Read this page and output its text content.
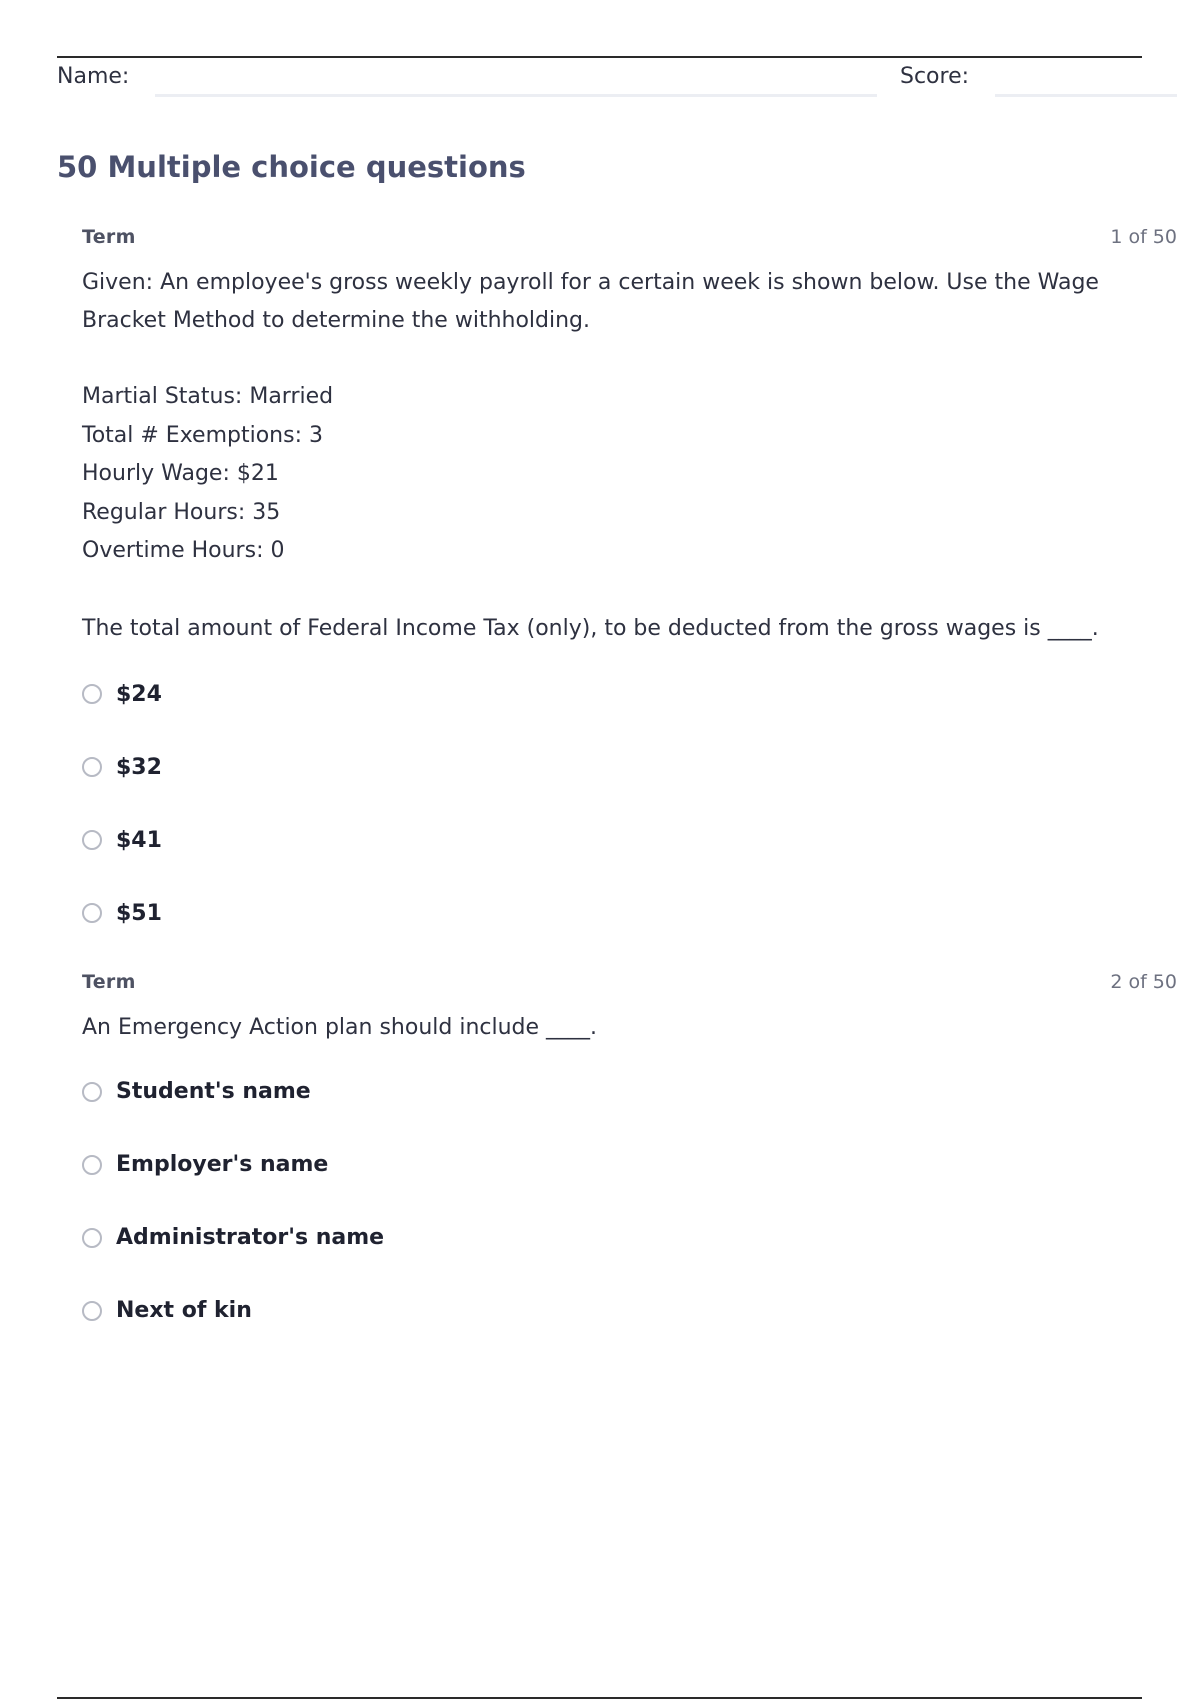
Name:	Score:
50 Multiple choice questions
Term	1 of 50

Given: An employee's gross weekly payroll for a certain week is shown below. Use the Wage Bracket Method to determine the withholding.

Martial Status: Married
Total # Exemptions: 3
Hourly Wage: $21
Regular Hours: 35
Overtime Hours: 0

The total amount of Federal Income Tax (only), to be deducted from the gross wages is ____.

$24
$32
$41
$51
Term	2 of 50

An Emergency Action plan should include ____.

Student's name
Employer's name
Administrator's name
Next of kin
